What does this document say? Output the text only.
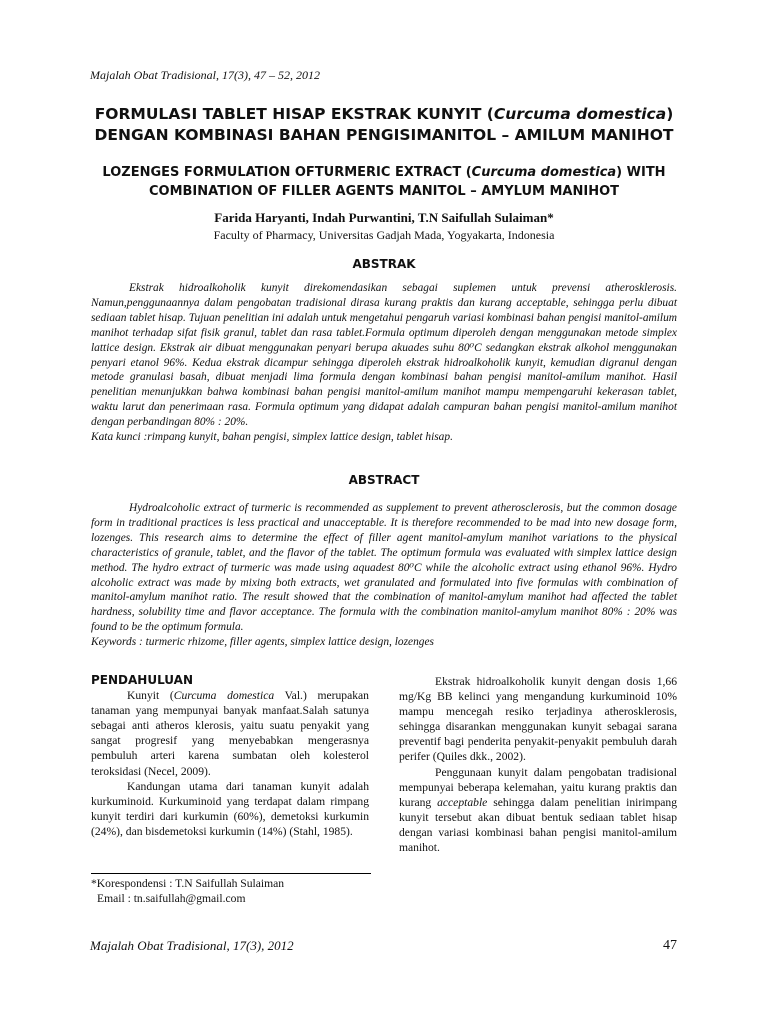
Majalah Obat Tradisional, 17(3), 47 – 52, 2012
FORMULASI TABLET HISAP EKSTRAK KUNYIT (Curcuma domestica)
DENGAN KOMBINASI BAHAN PENGISIMANITOL – AMILUM MANIHOT
LOZENGES FORMULATION OFTURMERIC EXTRACT (Curcuma domestica) WITH
COMBINATION OF FILLER AGENTS MANITOL – AMYLUM MANIHOT
Farida Haryanti, Indah Purwantini, T.N Saifullah Sulaiman*
Faculty of Pharmacy, Universitas Gadjah Mada, Yogyakarta, Indonesia
ABSTRAK

Ekstrak hidroalkoholik kunyit direkomendasikan sebagai suplemen untuk prevensi atherosklerosis. Namun,penggunaannya dalam pengobatan tradisional dirasa kurang praktis dan kurang acceptable, sehingga perlu dibuat sediaan tablet hisap. Tujuan penelitian ini adalah untuk mengetahui pengaruh variasi kombinasi bahan pengisi manitol-amilum manihot terhadap sifat fisik granul, tablet dan rasa tablet.Formula optimum diperoleh dengan menggunakan metode simplex lattice design. Ekstrak air dibuat menggunakan penyari berupa akuades suhu 80⁰C sedangkan ekstrak alkohol menggunakan penyari etanol 96%. Kedua ekstrak dicampur sehingga diperoleh ekstrak hidroalkoholik kunyit, kemudian digranul dengan metode granulasi basah, dibuat menjadi lima formula dengan kombinasi bahan pengisi manitol-amilum manihot. Hasil penelitian menunjukkan bahwa kombinasi bahan pengisi manitol-amilum manihot mampu mempengaruhi kekerasan tablet, waktu larut dan penerimaan rasa. Formula optimum yang didapat adalah campuran bahan pengisi manitol-amilum manihot dengan perbandingan 80% : 20%.

Kata kunci :rimpang kunyit, bahan pengisi, simplex lattice design, tablet hisap.

ABSTRACT

Hydroalcoholic extract of turmeric is recommended as supplement to prevent atherosclerosis, but the common dosage form in traditional practices is less practical and unacceptable. It is therefore recommended to be mad into new dosage form, lozenges. This research aims to determine the effect of filler agent manitol-amylum manihot variations to the physical characteristics of granule, tablet, and the flavor of the tablet. The optimum formula was evaluated with simplex lattice design method. The hydro extract of turmeric was made using aquadest 80⁰C while the alcoholic extract using ethanol 96%. Hydro alcoholic extract was made by mixing both extracts, wet granulated and formulated into five formulas with combination of manitol-amylum manihot ratio. The result showed that the combination of manitol-amylum manihot had affected the tablet hardness, solubility time and flavor acceptance. The formula with the combination manitol-amylum manihot 80% : 20% was found to be the optimum formula.

Keywords : turmeric rhizome, filler agents, simplex lattice design, lozenges

PENDAHULUAN

Kunyit (Curcuma domestica Val.) merupakan tanaman yang mempunyai banyak manfaat.Salah satunya sebagai anti atheros klerosis, yaitu suatu penyakit yang sangat progresif yang menyebabkan mengerasnya pembuluh arteri karena sumbatan oleh kolesterol teroksidasi (Necel, 2009).

Kandungan utama dari tanaman kunyit adalah kurkuminoid. Kurkuminoid yang terdapat dalam rimpang kunyit terdiri dari kurkumin (60%), demetoksi kurkumin (24%), dan bisdemetoksi kurkumin (14%) (Stahl, 1985).

Ekstrak hidroalkoholik kunyit dengan dosis 1,66 mg/Kg BB kelinci yang mengandung kurkuminoid 10% mampu mencegah resiko terjadinya atherosklerosis, sehingga disarankan menggunakan kunyit sebagai sarana preventif bagi penderita penyakit-penyakit pembuluh darah perifer (Quiles dkk., 2002).

Penggunaan kunyit dalam pengobatan tradisional mempunyai beberapa kelemahan, yaitu kurang praktis dan kurang acceptable sehingga dalam penelitian inirimpang kunyit tersebut akan dibuat bentuk sediaan tablet hisap dengan variasi kombinasi bahan pengisi manitol-amilum manihot.

*Korespondensi : T.N Saifullah Sulaiman
Email : tn.saifullah@gmail.com
Majalah Obat Tradisional, 17(3), 2012	47
